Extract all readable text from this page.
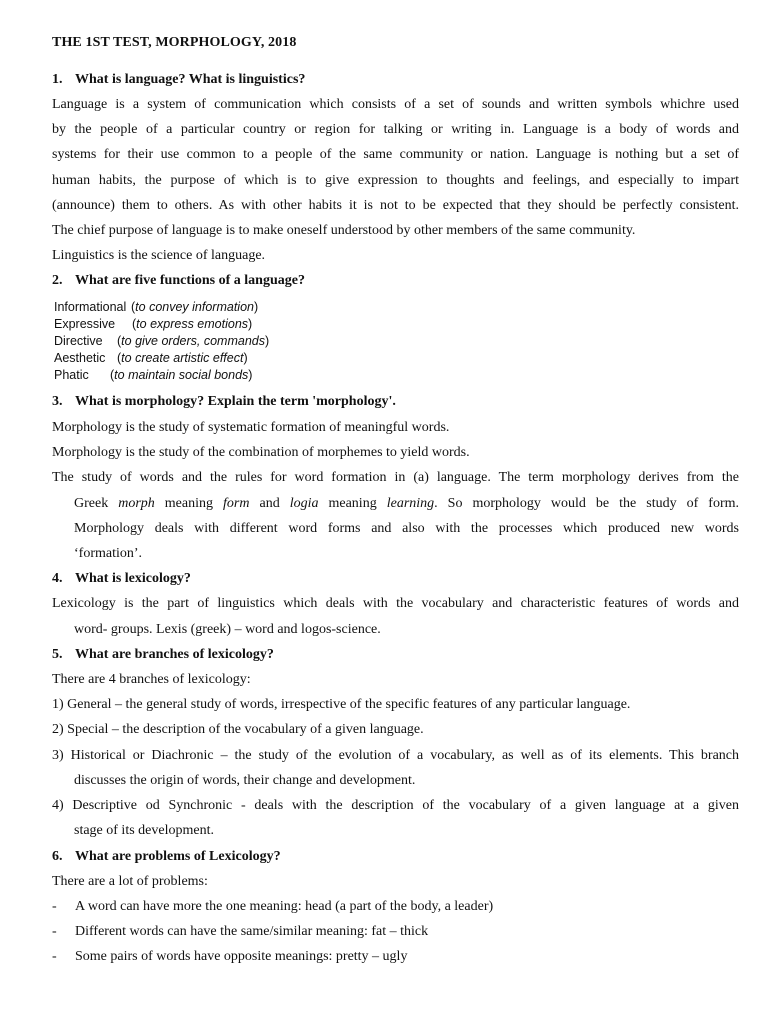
THE 1ST TEST, MORPHOLOGY, 2018
1. What is language? What is linguistics?
Language is a system of communication which consists of a set of sounds and written symbols whichre used
by the people of a particular country or region for talking or writing in. Language is a body of words and
systems for their use common to a people of the same community or nation. Language is nothing but a set of
human habits, the purpose of which is to give expression to thoughts and feelings, and especially to impart
(announce) them to others. As with other habits it is not to be expected that they should be perfectly consistent.
The chief purpose of language is to make oneself understood by other members of the same community.
Linguistics is the science of language.
2. What are five functions of a language?
Informational (to convey information)
Expressive (to express emotions)
Directive (to give orders, commands)
Aesthetic (to create artistic effect)
Phatic (to maintain social bonds)
3. What is morphology? Explain the term 'morphology'.
Morphology is the study of systematic formation of meaningful words.
Morphology is the study of the combination of morphemes to yield words.
The study of words and the rules for word formation in (a) language. The term morphology derives from the
Greek morph meaning form and logia meaning learning. So morphology would be the study of form.
Morphology deals with different word forms and also with the processes which produced new words
‘formation’.
4. What is lexicology?
Lexicology is the part of linguistics which deals with the vocabulary and characteristic features of words and
word- groups. Lexis (greek) – word and logos-science.
5. What are branches of lexicology?
There are 4 branches of lexicology:
1) General – the general study of words, irrespective of the specific features of any particular language.
2) Special – the description of the vocabulary of a given language.
3) Historical or Diachronic – the study of the evolution of a vocabulary, as well as of its elements. This branch
discusses the origin of words, their change and development.
4) Descriptive od Synchronic - deals with the description of the vocabulary of a given language at a given
stage of its development.
6. What are problems of Lexicology?
There are a lot of problems:
- A word can have more the one meaning: head (a part of the body, a leader)
- Different words can have the same/similar meaning: fat – thick
- Some pairs of words have opposite meanings: pretty – ugly
